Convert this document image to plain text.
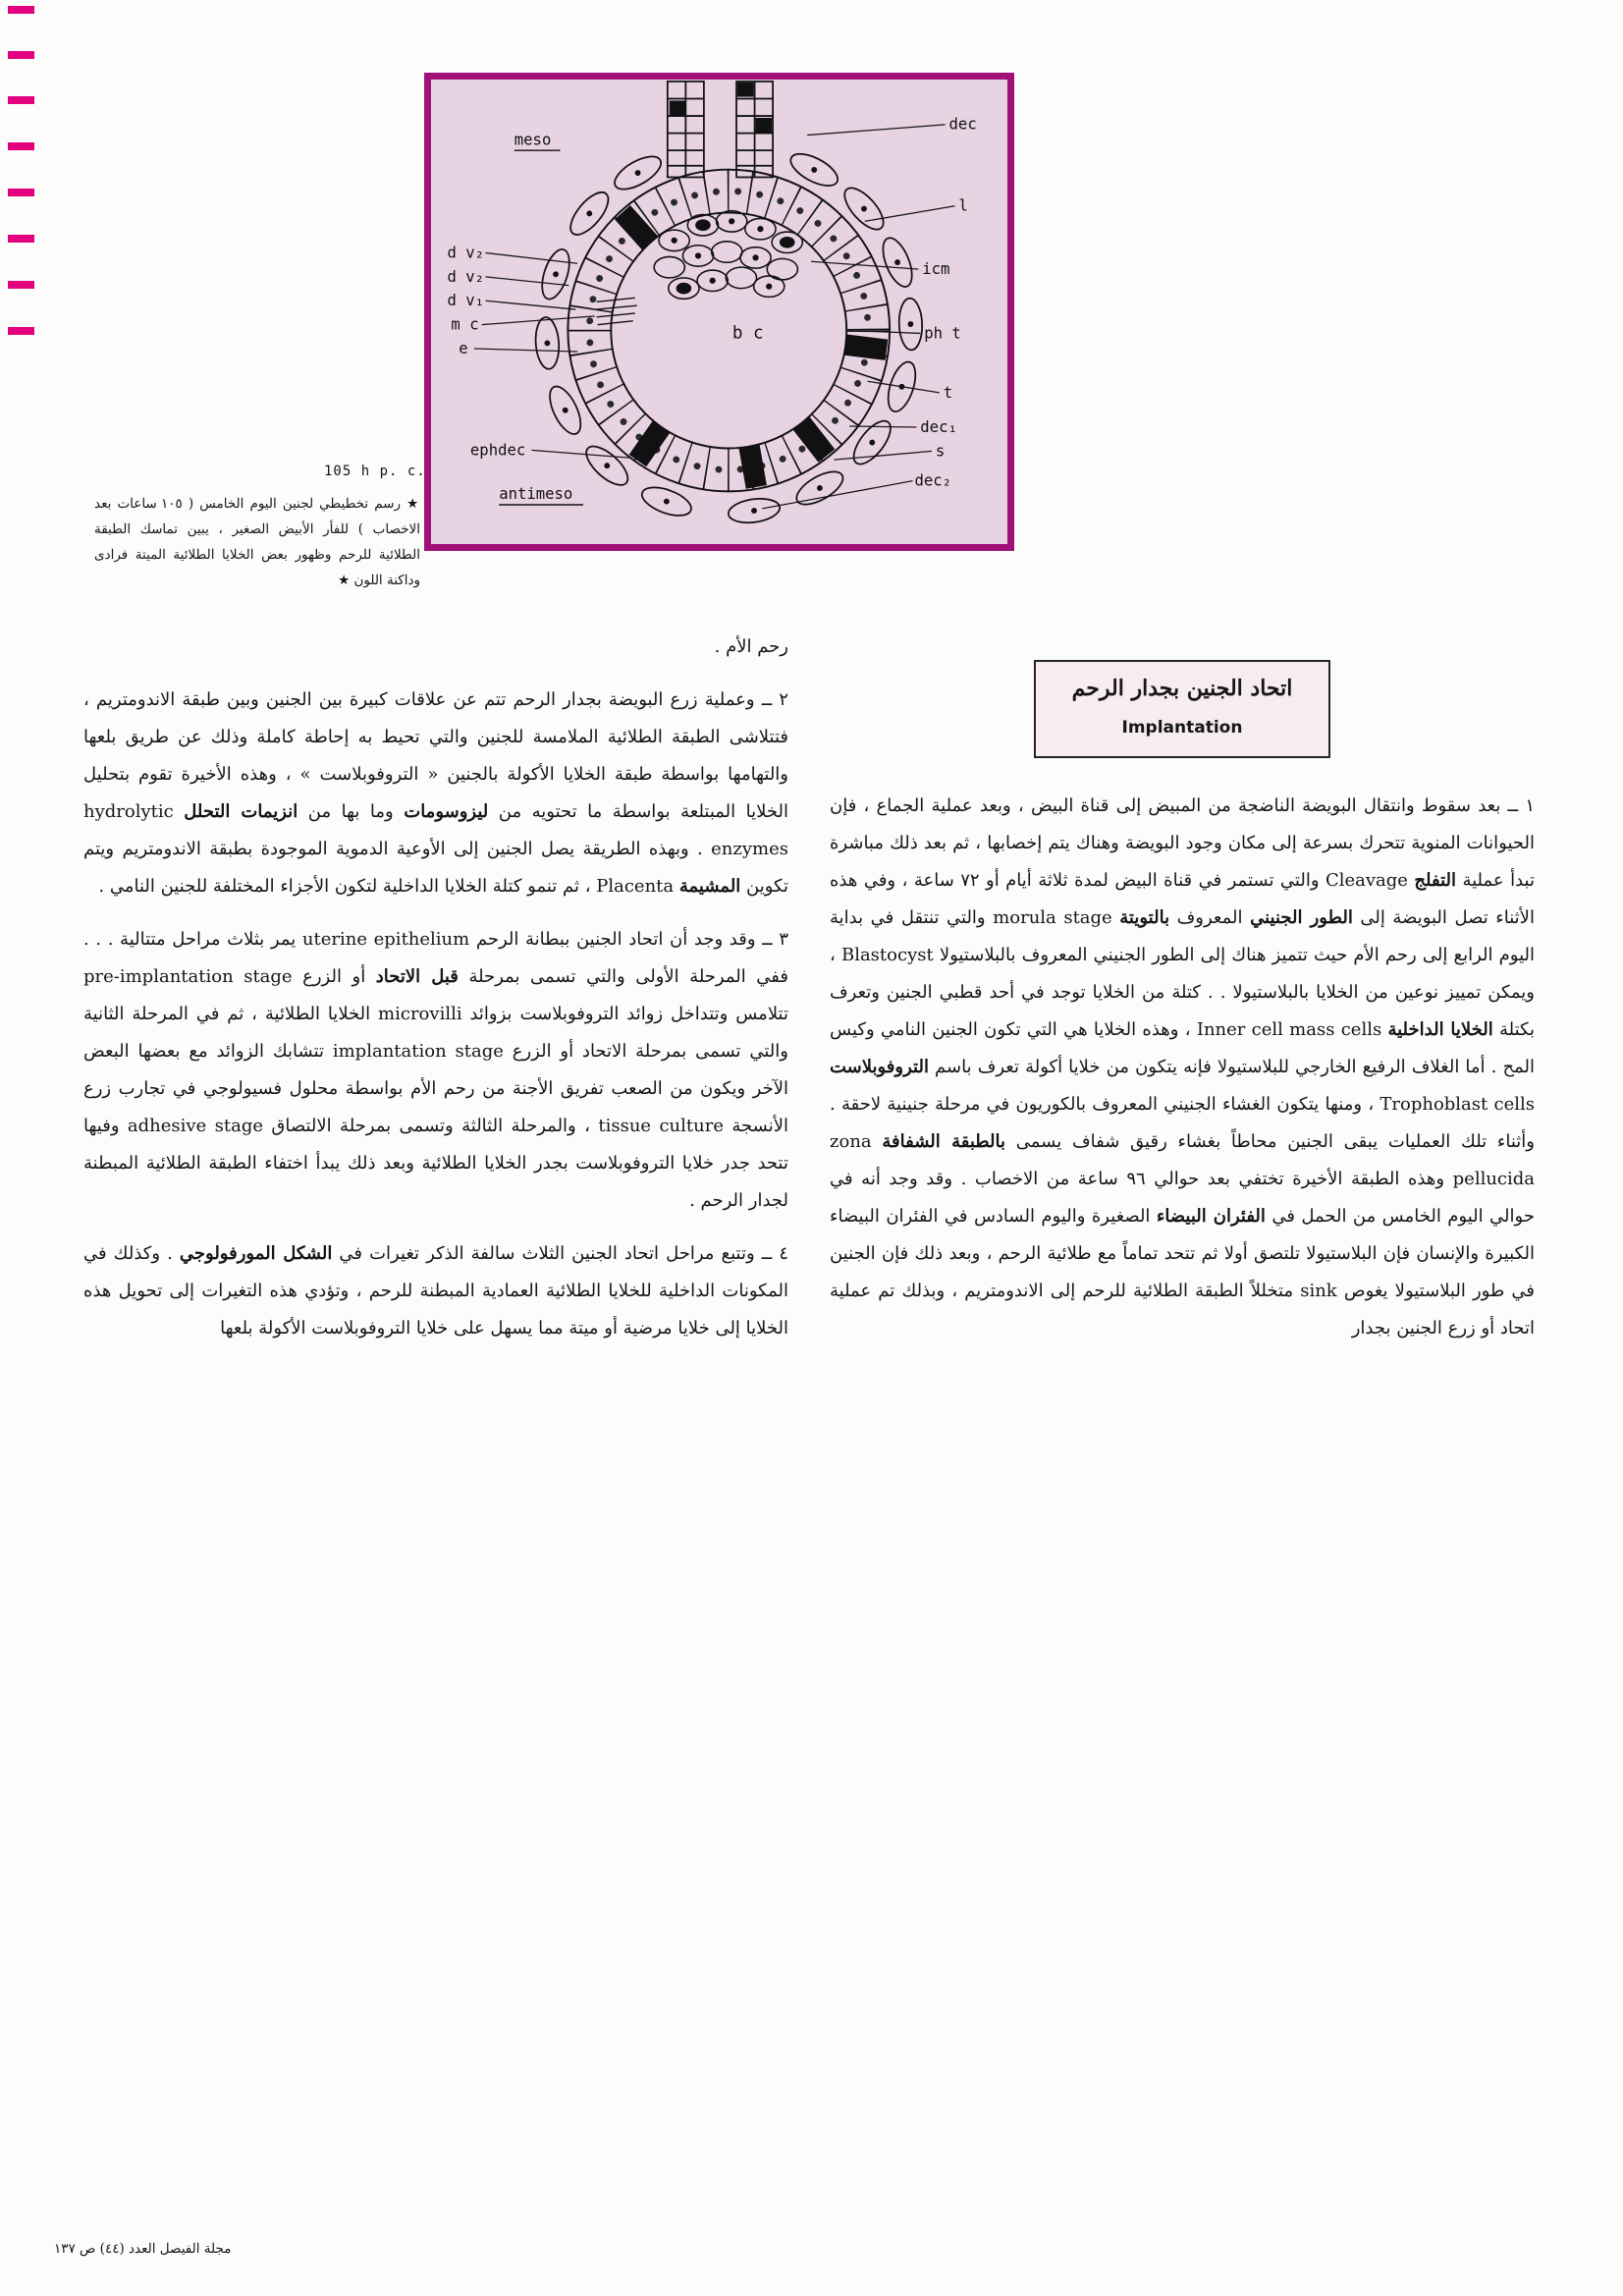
meso
d v₂
d v₂
d v₁
m c
e
ephdec
antimeso
dec
l
icm
ph t
t
dec₁
s
dec₂
b c
105 h p. c.
★ رسم تخطيطي لجنين اليوم الخامس ( ١٠٥ ساعات بعد الاخصاب ) للفأر الأبيض الصغير ، يبين تماسك الطبقة الطلائية للرحم وظهور بعض الخلايا الطلائية الميتة فرادى وداكنة اللون ★
اتحاد الجنين بجدار الرحم
Implantation

١ ــ بعد سقوط وانتقال البويضة الناضجة من المبيض إلى قناة البيض ، وبعد عملية الجماع ، فإن الحيوانات المنوية تتحرك بسرعة إلى مكان وجود البويضة وهناك يتم إخصابها ، ثم بعد ذلك مباشرة تبدأ عملية التفلج Cleavage والتي تستمر في قناة البيض لمدة ثلاثة أيام أو ٧٢ ساعة ، وفي هذه الأثناء تصل البويضة إلى الطور الجنيني المعروف بالتويتة morula stage والتي تنتقل في بداية اليوم الرابع إلى رحم الأم حيث تتميز هناك إلى الطور الجنيني المعروف بالبلاستيولا Blastocyst ، ويمكن تمييز نوعين من الخلايا بالبلاستيولا . . كتلة من الخلايا توجد في أحد قطبي الجنين وتعرف بكتلة الخلايا الداخلية Inner cell mass cells ، وهذه الخلايا هي التي تكون الجنين النامي وكيس المح . أما الغلاف الرفيع الخارجي للبلاستيولا فإنه يتكون من خلايا أكولة تعرف باسم التروفوبلاست Trophoblast cells ، ومنها يتكون الغشاء الجنيني المعروف بالكوريون في مرحلة جنينية لاحقة . وأثناء تلك العمليات يبقى الجنين محاطاً بغشاء رقيق شفاف يسمى بالطبقة الشفافة zona pellucida وهذه الطبقة الأخيرة تختفي بعد حوالي ٩٦ ساعة من الاخصاب . وقد وجد أنه في حوالي اليوم الخامس من الحمل في الفئران البيضاء الصغيرة واليوم السادس في الفئران البيضاء الكبيرة والإنسان فإن البلاستيولا تلتصق أولا ثم تتحد تماماً مع طلائية الرحم ، وبعد ذلك فإن الجنين في طور البلاستيولا يغوص sink متخللاً الطبقة الطلائية للرحم إلى الاندومتريم ، وبذلك تم عملية اتحاد أو زرع الجنين بجدار

رحم الأم .

٢ ــ وعملية زرع البويضة بجدار الرحم تتم عن علاقات كبيرة بين الجنين وبين طبقة الاندومتريم ، فتتلاشى الطبقة الطلائية الملامسة للجنين والتي تحيط به إحاطة كاملة وذلك عن طريق بلعها والتهامها بواسطة طبقة الخلايا الأكولة بالجنين « التروفوبلاست » ، وهذه الأخيرة تقوم بتحليل الخلايا المبتلعة بواسطة ما تحتويه من ليزوسومات وما بها من انزيمات التحلل hydrolytic enzymes . وبهذه الطريقة يصل الجنين إلى الأوعية الدموية الموجودة بطبقة الاندومتريم ويتم تكوين المشيمة Placenta ، ثم تنمو كتلة الخلايا الداخلية لتكون الأجزاء المختلفة للجنين النامي .

٣ ــ وقد وجد أن اتحاد الجنين ببطانة الرحم uterine epithelium يمر بثلاث مراحل متتالية . . . ففي المرحلة الأولى والتي تسمى بمرحلة قبل الاتحاد أو الزرع pre-implantation stage تتلامس وتتداخل زوائد التروفوبلاست بزوائد microvilli الخلايا الطلائية ، ثم في المرحلة الثانية والتي تسمى بمرحلة الاتحاد أو الزرع implantation stage تتشابك الزوائد مع بعضها البعض الآخر ويكون من الصعب تفريق الأجنة من رحم الأم بواسطة محلول فسيولوجي في تجارب زرع الأنسجة tissue culture ، والمرحلة الثالثة وتسمى بمرحلة الالتصاق adhesive stage وفيها تتحد جدر خلايا التروفوبلاست بجدر الخلايا الطلائية وبعد ذلك يبدأ اختفاء الطبقة الطلائية المبطنة لجدار الرحم .

٤ ــ وتتبع مراحل اتحاد الجنين الثلاث سالفة الذكر تغيرات في الشكل المورفولوجي . وكذلك في المكونات الداخلية للخلايا الطلائية العمادية المبطنة للرحم ، وتؤدي هذه التغيرات إلى تحويل هذه الخلايا إلى خلايا مرضية أو ميتة مما يسهل على خلايا التروفوبلاست الأكولة بلعها

مجلة الفيصل العدد (٤٤) ص ١٣٧
